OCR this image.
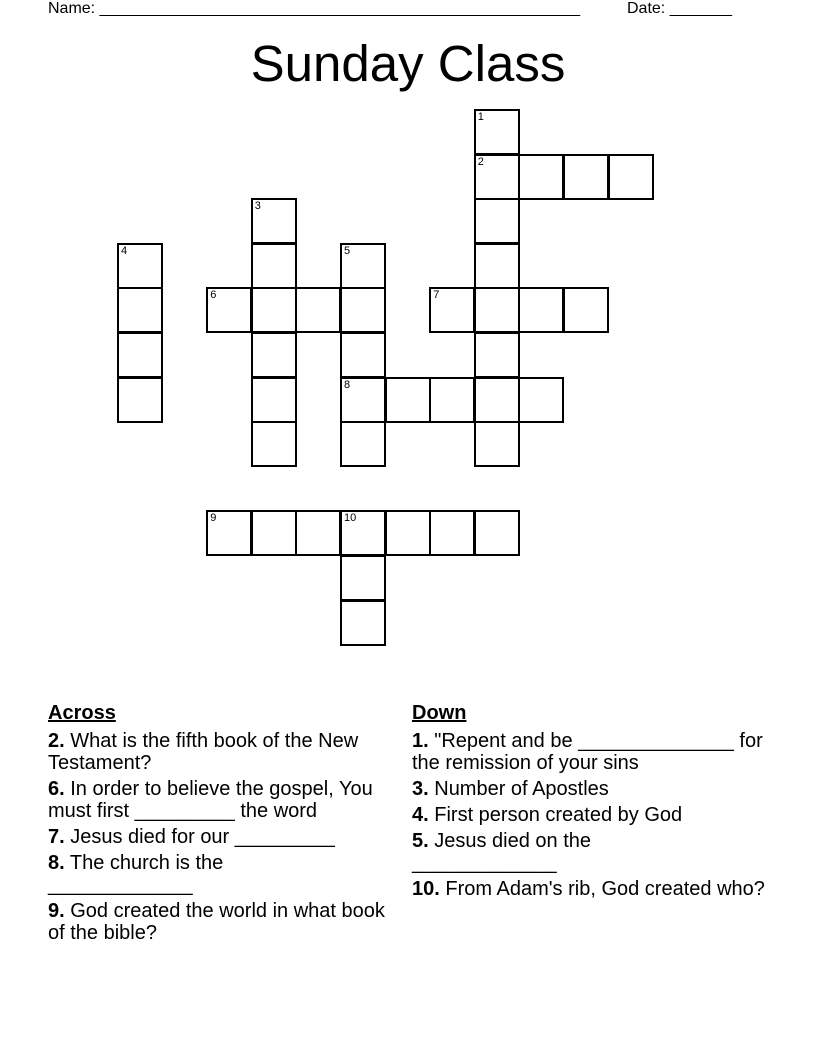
Name: ______________________________________________________	Date: _______
Sunday Class
1
2
3
4	5
6	7
8
9	10
Across
2. What is the fifth book of the New Testament?
6. In order to believe the gospel, You must first _________ the word
7. Jesus died for our _________
8. The church is the _____________
9. God created the world in what book of the bible?
Down
1. "Repent and be ______________ for the remission of your sins
3. Number of Apostles
4. First person created by God
5. Jesus died on the _____________
10. From Adam's rib, God created who?
